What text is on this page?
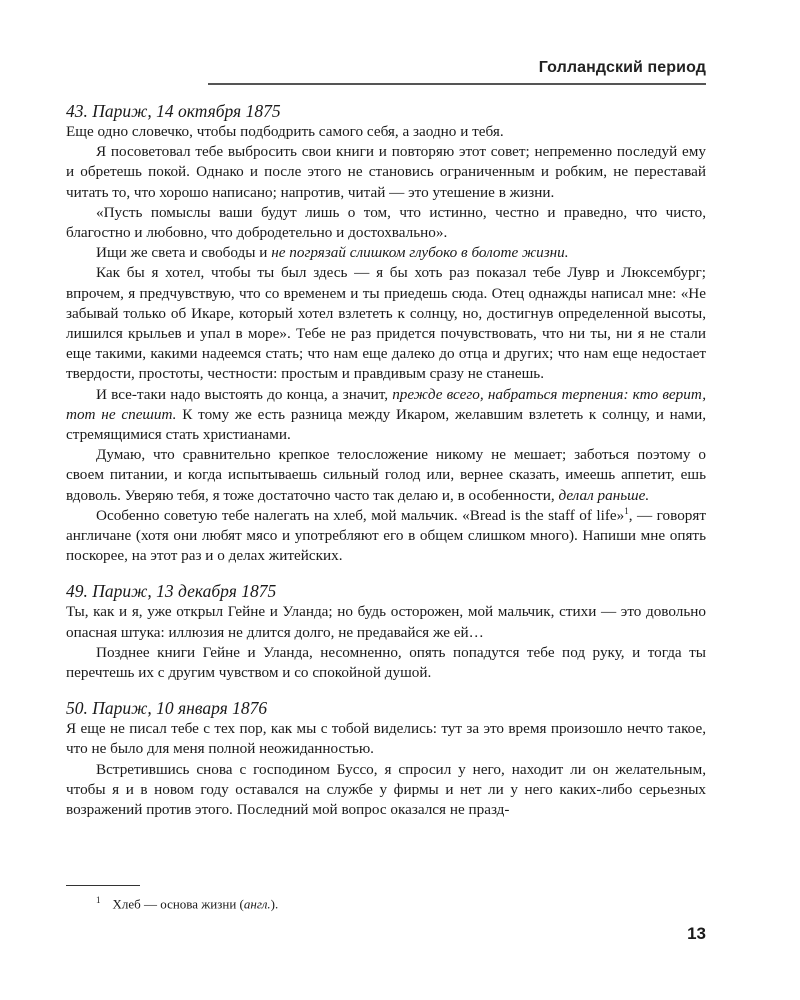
Голландский период
43. Париж, 14 октября 1875
Еще одно словечко, чтобы подбодрить самого себя, а заодно и тебя.
Я посоветовал тебе выбросить свои книги и повторяю этот совет; непременно последуй ему и обретешь покой. Однако и после этого не становись ограниченным и робким, не переставай читать то, что хорошо написано; напротив, читай — это утешение в жизни.
«Пусть помыслы ваши будут лишь о том, что истинно, честно и праведно, что чисто, благостно и любовно, что добродетельно и достохвально».
Ищи же света и свободы и не погрязай слишком глубоко в болоте жизни.
Как бы я хотел, чтобы ты был здесь — я бы хоть раз показал тебе Лувр и Люксембург; впрочем, я предчувствую, что со временем и ты приедешь сюда. Отец однажды написал мне: «Не забывай только об Икаре, который хотел взлететь к солнцу, но, достигнув определенной высоты, лишился крыльев и упал в море». Тебе не раз придется почувствовать, что ни ты, ни я не стали еще такими, какими надеемся стать; что нам еще далеко до отца и других; что нам еще недостает твердости, простоты, честности: простым и правдивым сразу не станешь.
И все-таки надо выстоять до конца, а значит, прежде всего, набраться терпения: кто верит, тот не спешит. К тому же есть разница между Икаром, желавшим взлететь к солнцу, и нами, стремящимися стать христианами.
Думаю, что сравнительно крепкое телосложение никому не мешает; заботься поэтому о своем питании, и когда испытываешь сильный голод или, вернее сказать, имеешь аппетит, ешь вдоволь. Уверяю тебя, я тоже достаточно часто так делаю и, в особенности, делал раньше.
Особенно советую тебе налегать на хлеб, мой мальчик. «Bread is the staff of life»$^1$, — говорят англичане (хотя они любят мясо и употребляют его в общем слишком много). Напиши мне опять поскорее, на этот раз и о делах житейских.
49. Париж, 13 декабря 1875
Ты, как и я, уже открыл Гейне и Уланда; но будь осторожен, мой мальчик, стихи — это довольно опасная штука: иллюзия не длится долго, не предавайся же ей…
Позднее книги Гейне и Уланда, несомненно, опять попадутся тебе под руку, и тогда ты перечтешь их с другим чувством и со спокойной душой.
50. Париж, 10 января 1876
Я еще не писал тебе с тех пор, как мы с тобой виделись: тут за это время произошло нечто такое, что не было для меня полной неожиданностью.
Встретившись снова с господином Буссо, я спросил у него, находит ли он желательным, чтобы я и в новом году оставался на службе у фирмы и нет ли у него каких-либо серьезных возражений против этого. Последний мой вопрос оказался не празд-
$^1$ Хлеб — основа жизни (англ.).
13
